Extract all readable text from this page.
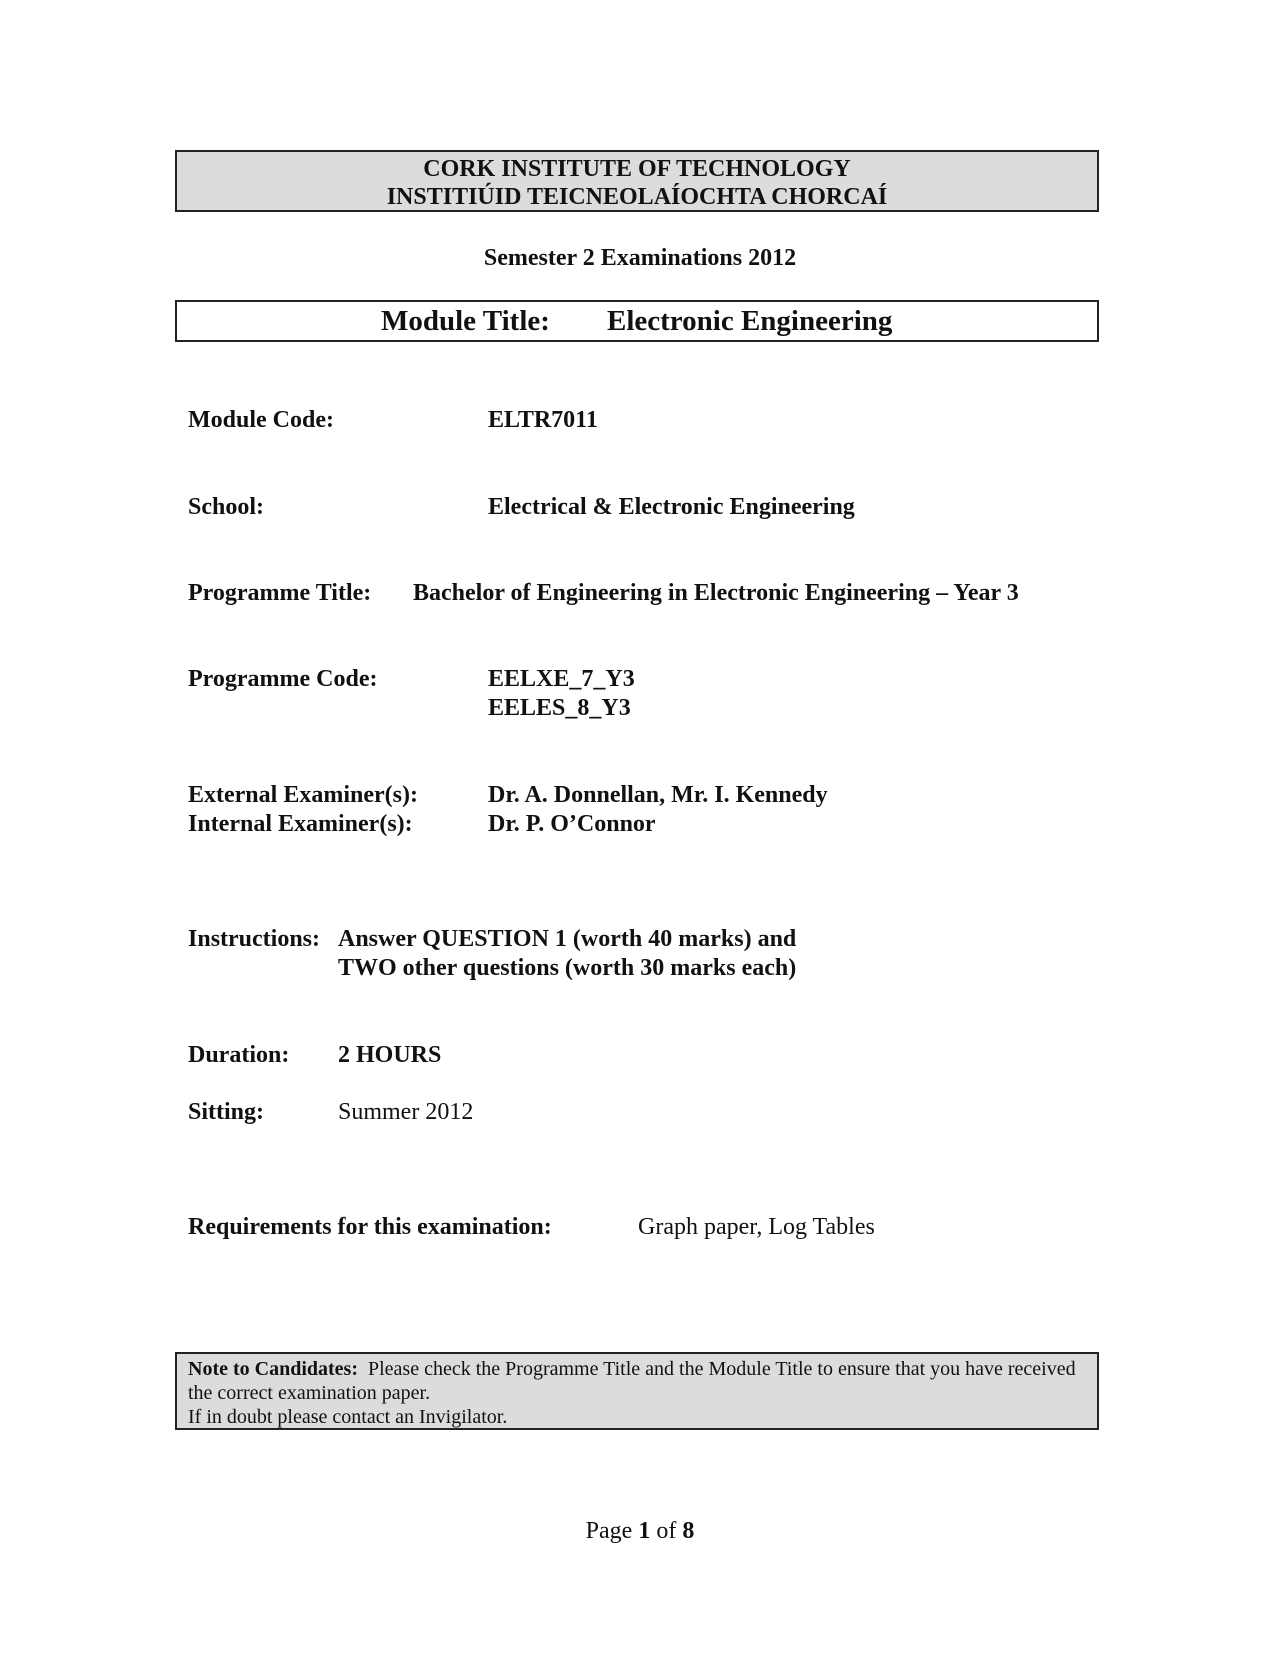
CORK INSTITUTE OF TECHNOLOGY
INSTITIÚID TEICNEOLAÍOCHTA CHORCAÍ
Semester 2 Examinations 2012
Module Title: Electronic Engineering
Module Code:	ELTR7011
School:	Electrical & Electronic Engineering
Programme Title: Bachelor of Engineering in Electronic Engineering – Year 3
Programme Code:	EELXE_7_Y3
EELES_8_Y3
External Examiner(s):	Dr. A. Donnellan, Mr. I. Kennedy
Internal Examiner(s):	Dr. P. O’Connor
Instructions: Answer QUESTION 1 (worth 40 marks) and
TWO other questions (worth 30 marks each)
Duration: 2 HOURS
Sitting:	Summer 2012
Requirements for this examination:	Graph paper, Log Tables
Note to Candidates: Please check the Programme Title and the Module Title to ensure that you have received the correct examination paper.
If in doubt please contact an Invigilator.
Page 1 of 8
